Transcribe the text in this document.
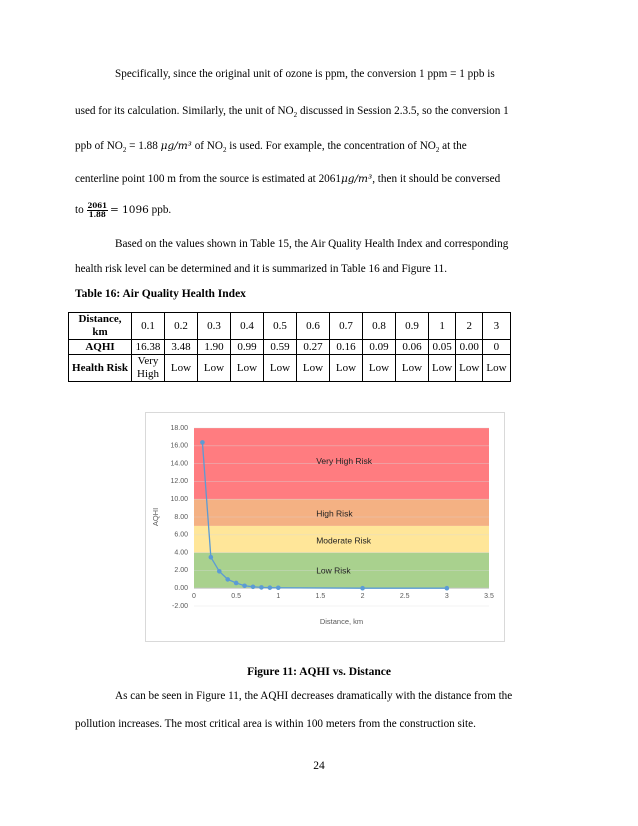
Specifically, since the original unit of ozone is ppm, the conversion 1 ppm = 1 ppb is
used for its calculation. Similarly, the unit of $NO_2$ discussed in Session 2.3.5, so the conversion 1
ppb of $NO_2 = 1.88$ μg/m³ of $NO_2$ is used. For example, the concentration of $NO_2$ at the
centerline point 100 m from the source is estimated at 2061μg/m³, then it should be conversed
to $\frac{2061}{1.88} = 1096$ ppb.
Based on the values shown in Table 15, the Air Quality Health Index and corresponding
health risk level can be determined and it is summarized in Table 16 and Figure 11.
Table 16: Air Quality Health Index
Distance, km	0.1	0.2	0.3	0.4	0.5	0.6	0.7	0.8	0.9	1	2	3
AQHI	16.38	3.48	1.90	0.99	0.59	0.27	0.16	0.09	0.06	0.05	0.00	0
Health Risk	Very High	Low	Low	Low	Low	Low	Low	Low	Low	Low	Low	Low
Low Risk
Moderate Risk
High Risk
Very High Risk
-2.00
0.00
2.00
4.00
6.00
8.00
10.00
12.00
14.00
16.00
18.00
0	0.5	1	1.5	2	2.5	3	3.5
Distance, km
AQHI
Figure 11: AQHI vs. Distance
As can be seen in Figure 11, the AQHI decreases dramatically with the distance from the
pollution increases. The most critical area is within 100 meters from the construction site.
24
